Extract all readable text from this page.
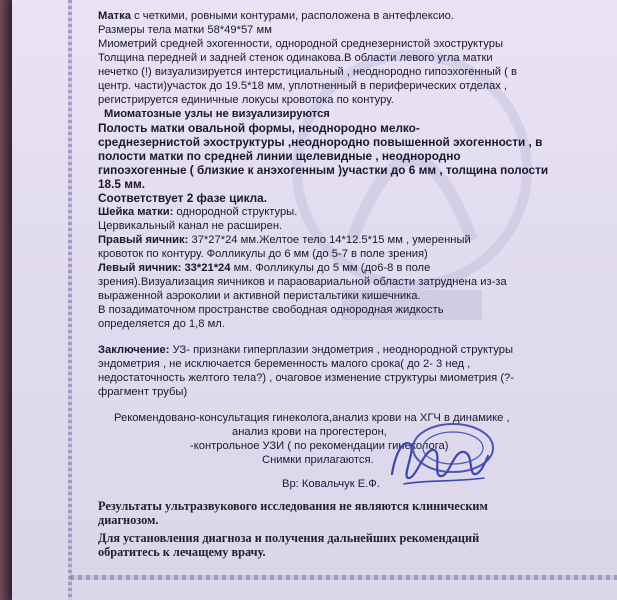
Матка с четкими, ровными контурами, расположена в антефлексио.
Размеры тела матки 58*49*57 мм
Миометрий средней эхогенности, однородной среднезернистой эхоструктуры
Толщина передней и задней стенок одинакова.В области левого угла матки
нечетко (!) визуализируется интерстициальный , неоднородно гипоэхогенный ( в
центр. части)участок до 19.5*18 мм, уплотненный в периферических отделах ,
регистрируется единичные локусы кровотока по контуру.
Миоматозные узлы не визуализируются
Полость матки овальной формы, неоднородно мелко-
среднезернистой эхоструктуры ,неоднородно повышенной эхогенности , в
полости матки по средней линии щелевидные , неоднородно
гипоэхогенные ( близкие к анэхогенным )участки до 6 мм , толщина полости
18.5 мм.
Соответствует 2 фазе цикла.
Шейка матки: однородной структуры.
Цервикальный канал не расширен.
Правый яичник: 37*27*24 мм.Желтое тело 14*12.5*15 мм , умеренный
кровоток по контуру. Фолликулы до 6 мм (до 5-7 в поле зрения)
Левый яичник: 33*21*24 мм. Фолликулы до 5 мм (до6-8 в поле
зрения).Визуализация яичников и параовариальной области затруднена из-за
выраженной аэроколии и активной перистальтики кишечника.
В позадиматочном пространстве свободная однородная жидкость
определяется до 1,8 мл.
Заключение: УЗ- признаки гиперплазии эндометрия , неоднородной структуры
эндометрия , не исключается беременность малого срока( до 2- 3 нед ,
недостаточность желтого тела?) , очаговое изменение структуры миометрия (?-
фрагмент трубы)
Рекомендовано-консультация гинеколога,анализ крови на ХГЧ в динамике ,
анализ крови на прогестерон,
-контрольное УЗИ ( по рекомендации гинеколога)
Снимки прилагаются.
Вр: Ковальчук Е.Ф.
Результаты ультразвукового исследования не являются клиническим
диагнозом.
Для установления диагноза и получения дальнейших рекомендаций
обратитесь к лечащему врачу.
